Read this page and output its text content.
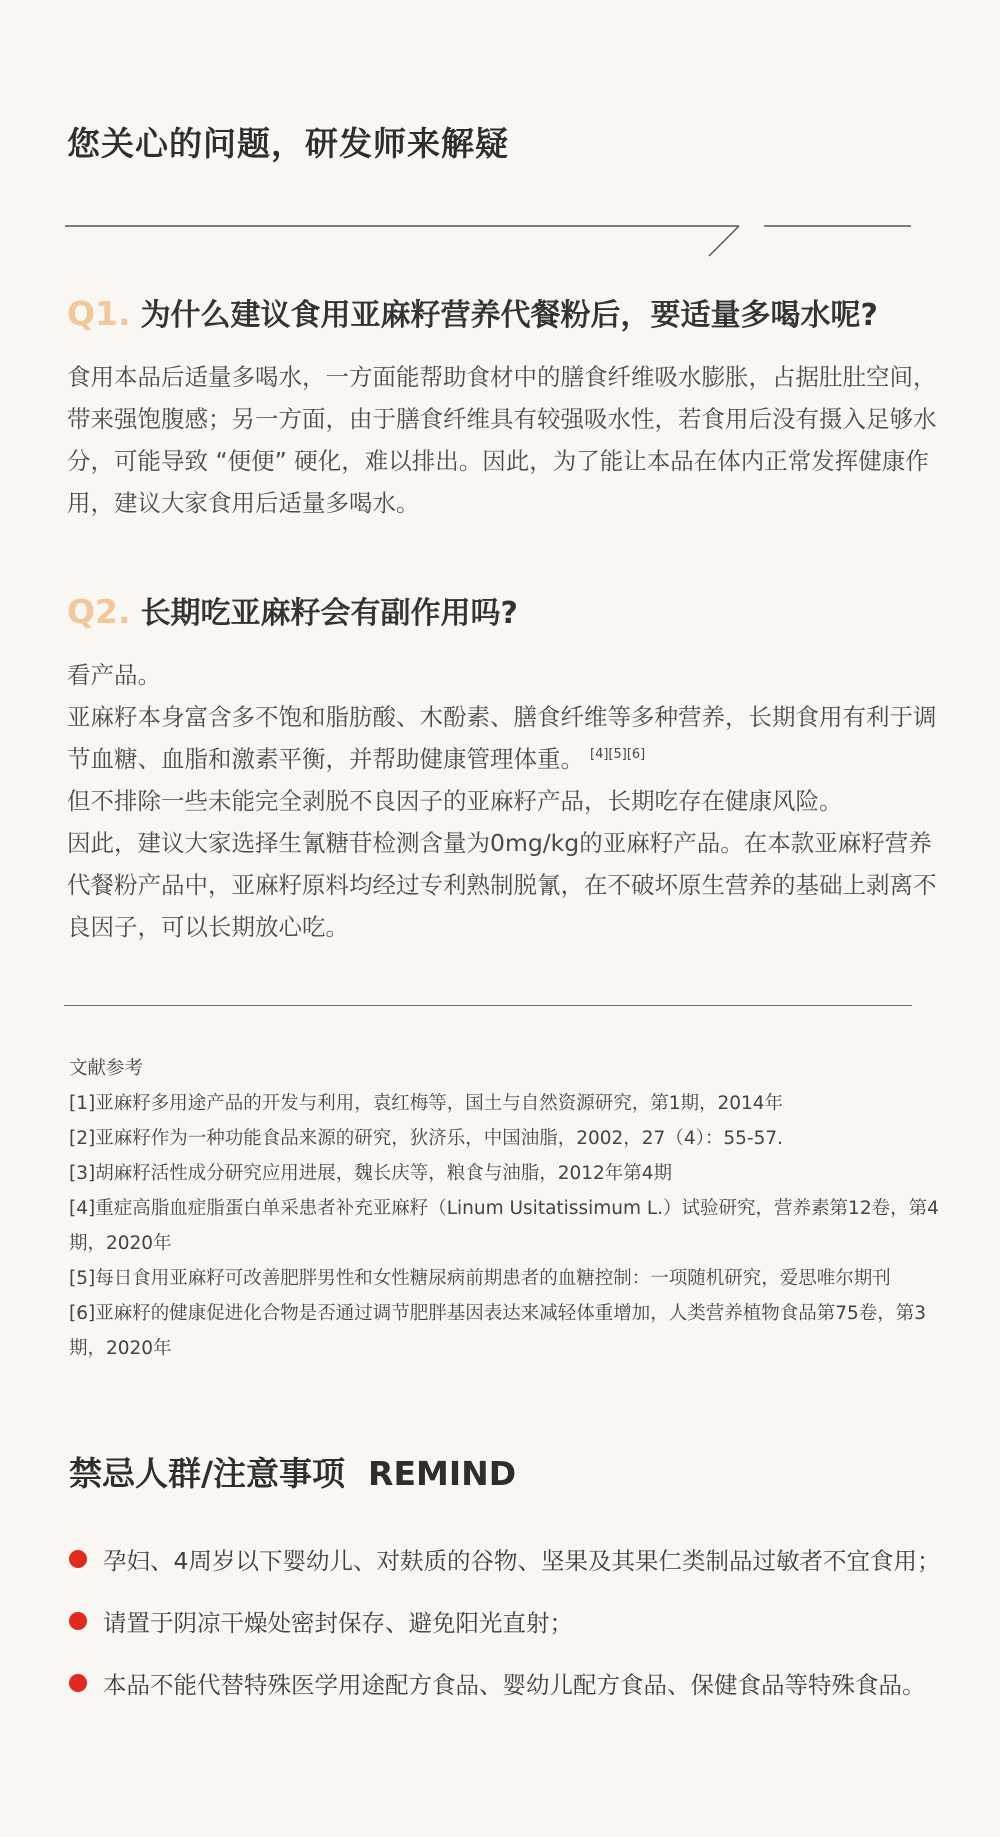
您关心的问题，研发师来解疑
Q1. 为什么建议食用亚麻籽营养代餐粉后，要适量多喝水呢?

食用本品后适量多喝水，一方面能帮助食材中的膳食纤维吸水膨胀，占据肚肚空间，带来强饱腹感；另一方面，由于膳食纤维具有较强吸水性，若食用后没有摄入足够水分，可能导致 “便便” 硬化，难以排出。因此，为了能让本品在体内正常发挥健康作用，建议大家食用后适量多喝水。

Q2. 长期吃亚麻籽会有副作用吗?

看产品。

亚麻籽本身富含多不饱和脂肪酸、木酚素、膳食纤维等多种营养，长期食用有利于调节血糖、血脂和激素平衡，并帮助健康管理体重。 [4][5][6]

但不排除一些未能完全剥脱不良因子的亚麻籽产品，长期吃存在健康风险。

因此，建议大家选择生氰糖苷检测含量为0mg/kg的亚麻籽产品。在本款亚麻籽营养代餐粉产品中，亚麻籽原料均经过专利熟制脱氰，在不破坏原生营养的基础上剥离不良因子，可以长期放心吃。

文献参考

[1]亚麻籽多用途产品的开发与利用，袁红梅等，国土与自然资源研究，第1期，2014年
[2]亚麻籽作为一种功能食品来源的研究，狄济乐，中国油脂，2002，27（4）：55-57.
[3]胡麻籽活性成分研究应用进展，魏长庆等，粮食与油脂，2012年第4期
[4]重症高脂血症脂蛋白单采患者补充亚麻籽（Linum Usitatissimum L.）试验研究，营养素第12卷，第4期，2020年
[5]每日食用亚麻籽可改善肥胖男性和女性糖尿病前期患者的血糖控制：一项随机研究，爱思唯尔期刊
[6]亚麻籽的健康促进化合物是否通过调节肥胖基因表达来减轻体重增加，人类营养植物食品第75卷，第3期，2020年
禁忌人群/注意事项  REMIND
孕妇、4周岁以下婴幼儿、对麸质的谷物、坚果及其果仁类制品过敏者不宜食用；
请置于阴凉干燥处密封保存、避免阳光直射；
本品不能代替特殊医学用途配方食品、婴幼儿配方食品、保健食品等特殊食品。
